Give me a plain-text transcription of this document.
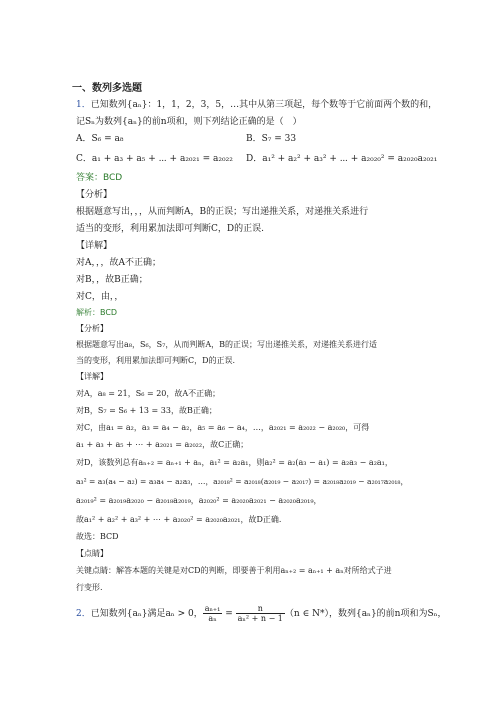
一、数列多选题
1．已知数列{aₙ}：1，1，2，3，5，…其中从第三项起，每个数等于它前面两个数的和，
记Sₙ为数列{aₙ}的前n项和，则下列结论正确的是（　）
A．S₆ = a₈	B．S₇ = 33
C．a₁ + a₃ + a₅ + ⋯ + a₂₀₂₁ = a₂₀₂₂ D．a₁² + a₂² + a₃² + ⋯ + a₂₀₂₀² = a₂₀₂₀a₂₀₂₁
答案：BCD
【分析】
根据题意写出，，，从而判断A，B的正误；写出递推关系，对递推关系进行
适当的变形，利用累加法即可判断C，D的正误.
【详解】
对A，，，故A不正确；
对B，，故B正确；
对C，由，，
解析：BCD
【分析】
根据题意写出a₈，S₆，S₇，从而判断A，B的正误；写出递推关系，对递推关系进行适
当的变形，利用累加法即可判断C，D的正误.
【详解】
对A，a₈ = 21，S₆ = 20，故A不正确；
对B，S₇ = S₆ + 13 = 33，故B正确；
对C，由a₁ = a₂，a₃ = a₄ − a₂，a₅ = a₆ − a₄，…，a₂₀₂₁ = a₂₀₂₂ − a₂₀₂₀，可得
a₁ + a₃ + a₅ + ⋯ + a₂₀₂₁ = a₂₀₂₂，故C正确；
对D，该数列总有aₙ₊₂ = aₙ₊₁ + aₙ，a₁² = a₂a₁，则a₂² = a₂(a₃ − a₁) = a₂a₃ − a₂a₁，
a₃² = a₃(a₄ − a₂) = a₃a₄ − a₂a₃，…，a₂₀₁₈² = a₂₀₁₈(a₂₀₁₉ − a₂₀₁₇) = a₂₀₁₈a₂₀₁₉ − a₂₀₁₇a₂₀₁₈，
a₂₀₁₉² = a₂₀₁₉a₂₀₂₀ − a₂₀₁₈a₂₀₁₉，a₂₀₂₀² = a₂₀₂₀a₂₀₂₁ − a₂₀₂₀a₂₀₁₉，
故a₁² + a₂² + a₃² + ⋯ + a₂₀₂₀² = a₂₀₂₀a₂₀₂₁，故D正确.
故选：BCD
【点睛】
关键点睛：解答本题的关键是对CD的判断，即要善于利用aₙ₊₂ = aₙ₊₁ + aₙ对所给式子进
行变形.
2．已知数列{aₙ}满足aₙ > 0， $\frac{\text{aₙ₊₁}}{\text{aₙ}} = \frac{n}{\text{aₙ² + n − 1}} (n$ ∈ N*），数列{aₙ}的前n项和为Sₙ，
